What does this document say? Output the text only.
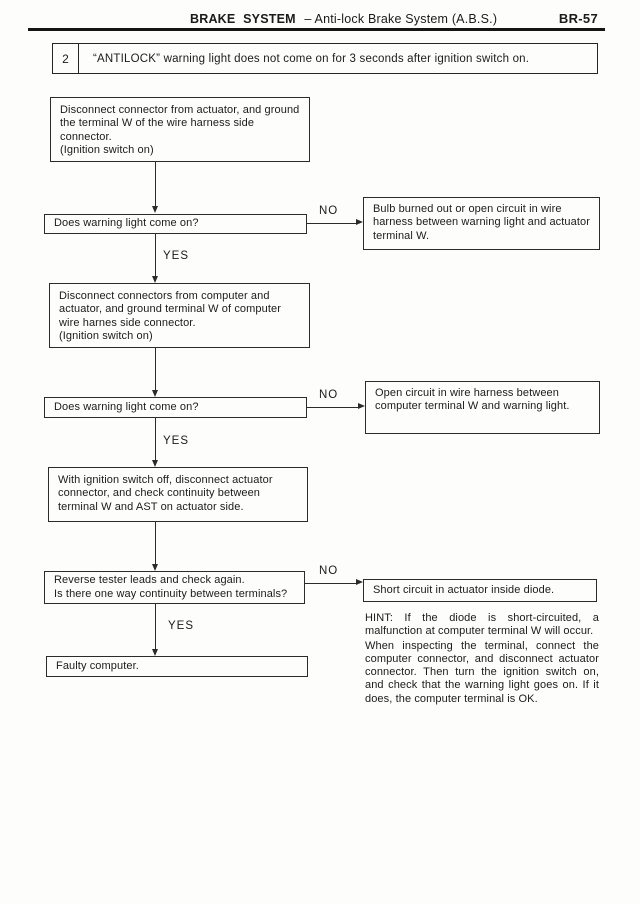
BRAKE SYSTEM – Anti-lock Brake System (A.B.S.)	BR-57
2	“ANTILOCK” warning light does not come on for 3 seconds after ignition switch on.
Disconnect connector from actuator, and ground the terminal W of the wire harness side connector.
(Ignition switch on)
Does warning light come on?
NO	Bulb burned out or open circuit in wire harness between warning light and actuator terminal W.
YES
Disconnect connectors from computer and actuator, and ground terminal W of computer wire harnes side connector.
(Ignition switch on)
Does warning light come on?
NO	Open circuit in wire harness between computer terminal W and warning light.
YES
With ignition switch off, disconnect actuator connector, and check continuity between terminal W and AST on actuator side.
Reverse tester leads and check again.
Is there one way continuity between terminals?
NO
Short circuit in actuator inside diode.
YES
Faulty computer.

HINT: If the diode is short-circuited, a malfunction at computer terminal W will occur.

When inspecting the terminal, connect the computer connector, and disconnect actuator connector. Then turn the ignition switch on, and check that the warning light goes on. If it does, the computer terminal is OK.
